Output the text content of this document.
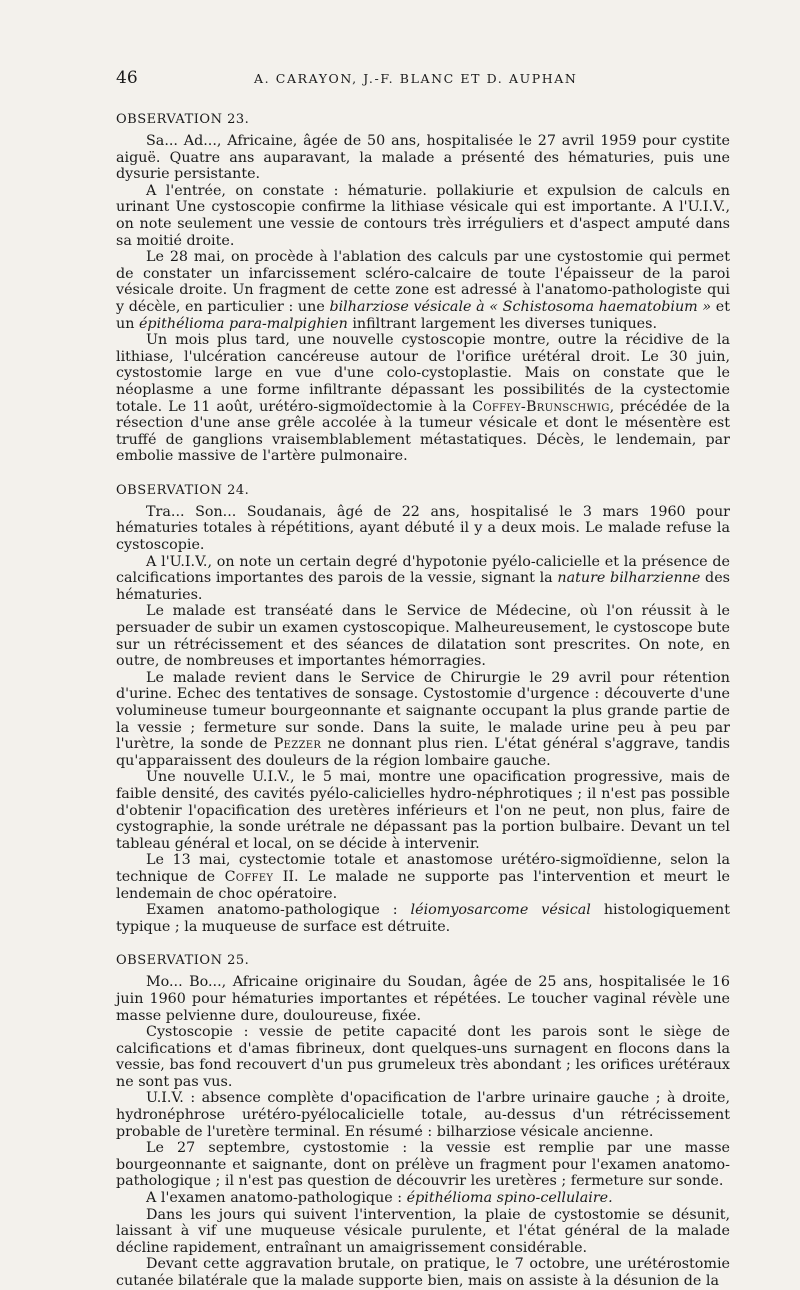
46	A. CARAYON, J.-F. BLANC ET D. AUPHAN
OBSERVATION 23.

Sa... Ad..., Africaine, âgée de 50 ans, hospitalisée le 27 avril 1959 pour cystite aiguë. Quatre ans auparavant, la malade a présenté des hématuries, puis une dysurie persistante.

A l'entrée, on constate : hématurie. pollakiurie et expulsion de calculs en urinant Une cystoscopie confirme la lithiase vésicale qui est importante. A l'U.I.V., on note seulement une vessie de contours très irréguliers et d'aspect amputé dans sa moitié droite.

Le 28 mai, on procède à l'ablation des calculs par une cystostomie qui permet de constater un infarcissement scléro-calcaire de toute l'épaisseur de la paroi vésicale droite. Un fragment de cette zone est adressé à l'anatomo-pathologiste qui y décèle, en particulier : une bilharziose vésicale à « Schistosoma haematobium » et un épithélioma para-malpighien infiltrant largement les diverses tuniques.

Un mois plus tard, une nouvelle cystoscopie montre, outre la récidive de la lithiase, l'ulcération cancéreuse autour de l'orifice urétéral droit. Le 30 juin, cystostomie large en vue d'une colo-cystoplastie. Mais on constate que le néoplasme a une forme infiltrante dépassant les possibilités de la cystectomie totale. Le 11 août, urétéro-sigmoïdectomie à la Coffey-Brunschwig, précédée de la résection d'une anse grêle accolée à la tumeur vésicale et dont le mésentère est truffé de ganglions vraisemblablement métastatiques. Décès, le lendemain, par embolie massive de l'artère pulmonaire.

OBSERVATION 24.

Tra... Son... Soudanais, âgé de 22 ans, hospitalisé le 3 mars 1960 pour hématuries totales à répétitions, ayant débuté il y a deux mois. Le malade refuse la cystoscopie.

A l'U.I.V., on note un certain degré d'hypotonie pyélo-calicielle et la présence de calcifications importantes des parois de la vessie, signant la nature bilharzienne des hématuries.

Le malade est transéaté dans le Service de Médecine, où l'on réussit à le persuader de subir un examen cystoscopique. Malheureusement, le cystoscope bute sur un rétrécissement et des séances de dilatation sont prescrites. On note, en outre, de nombreuses et importantes hémorragies.

Le malade revient dans le Service de Chirurgie le 29 avril pour rétention d'urine. Echec des tentatives de sonsage. Cystostomie d'urgence : découverte d'une volumineuse tumeur bourgeonnante et saignante occupant la plus grande partie de la vessie ; fermeture sur sonde. Dans la suite, le malade urine peu à peu par l'urètre, la sonde de Pezzer ne donnant plus rien. L'état général s'aggrave, tandis qu'apparaissent des douleurs de la région lombaire gauche.

Une nouvelle U.I.V., le 5 mai, montre une opacification progressive, mais de faible densité, des cavités pyélo-calicielles hydro-néphrotiques ; il n'est pas possible d'obtenir l'opacification des uretères inférieurs et l'on ne peut, non plus, faire de cystographie, la sonde urétrale ne dépassant pas la portion bulbaire. Devant un tel tableau général et local, on se décide à intervenir.

Le 13 mai, cystectomie totale et anastomose urétéro-sigmoïdienne, selon la technique de Coffey II. Le malade ne supporte pas l'intervention et meurt le lendemain de choc opératoire.

Examen anatomo-pathologique : léiomyosarcome vésical histologiquement typique ; la muqueuse de surface est détruite.

OBSERVATION 25.

Mo... Bo..., Africaine originaire du Soudan, âgée de 25 ans, hospitalisée le 16 juin 1960 pour hématuries importantes et répétées. Le toucher vaginal révèle une masse pelvienne dure, douloureuse, fixée.

Cystoscopie : vessie de petite capacité dont les parois sont le siège de calcifications et d'amas fibrineux, dont quelques-uns surnagent en flocons dans la vessie, bas fond recouvert d'un pus grumeleux très abondant ; les orifices urétéraux ne sont pas vus.

U.I.V. : absence complète d'opacification de l'arbre urinaire gauche ; à droite, hydronéphrose urétéro-pyélocalicielle totale, au-dessus d'un rétrécissement probable de l'uretère terminal. En résumé : bilharziose vésicale ancienne.

Le 27 septembre, cystostomie : la vessie est remplie par une masse bourgeonnante et saignante, dont on prélève un fragment pour l'examen anatomo-pathologique ; il n'est pas question de découvrir les uretères ; fermeture sur sonde.

A l'examen anatomo-pathologique : épithélioma spino-cellulaire.

Dans les jours qui suivent l'intervention, la plaie de cystostomie se désunit, laissant à vif une muqueuse vésicale purulente, et l'état général de la malade décline rapidement, entraînant un amaigrissement considérable.

Devant cette aggravation brutale, on pratique, le 7 octobre, une urétérostomie cutanée bilatérale que la malade supporte bien, mais on assiste à la désunion de la
